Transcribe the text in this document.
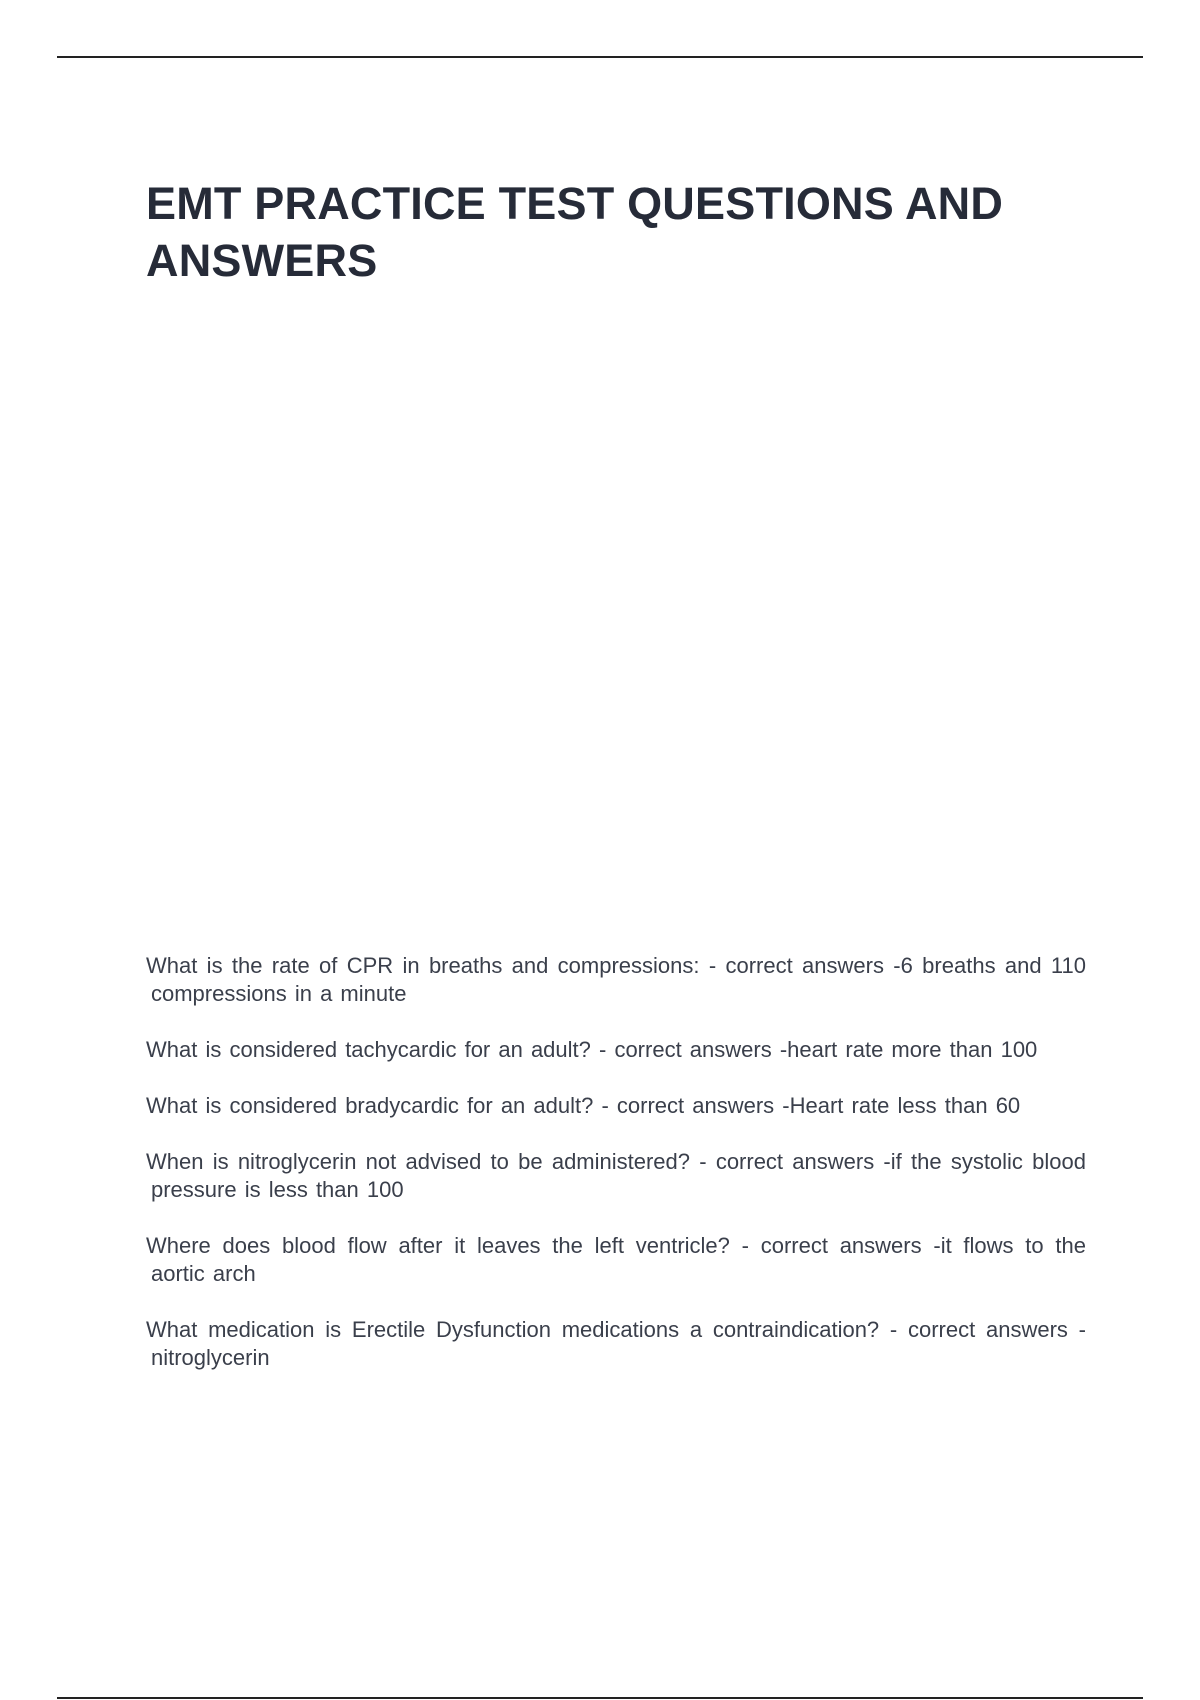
EMT PRACTICE TEST QUESTIONS AND ANSWERS
What is the rate of CPR in breaths and compressions: - correct answers -6 breaths and 110 compressions in a minute
What is considered tachycardic for an adult? - correct answers -heart rate more than 100
What is considered bradycardic for an adult? - correct answers -Heart rate less than 60
When is nitroglycerin not advised to be administered? - correct answers -if the systolic blood pressure is less than 100
Where does blood flow after it leaves the left ventricle? - correct answers -it flows to the aortic arch
What medication is Erectile Dysfunction medications a contraindication? - correct answers -nitroglycerin
